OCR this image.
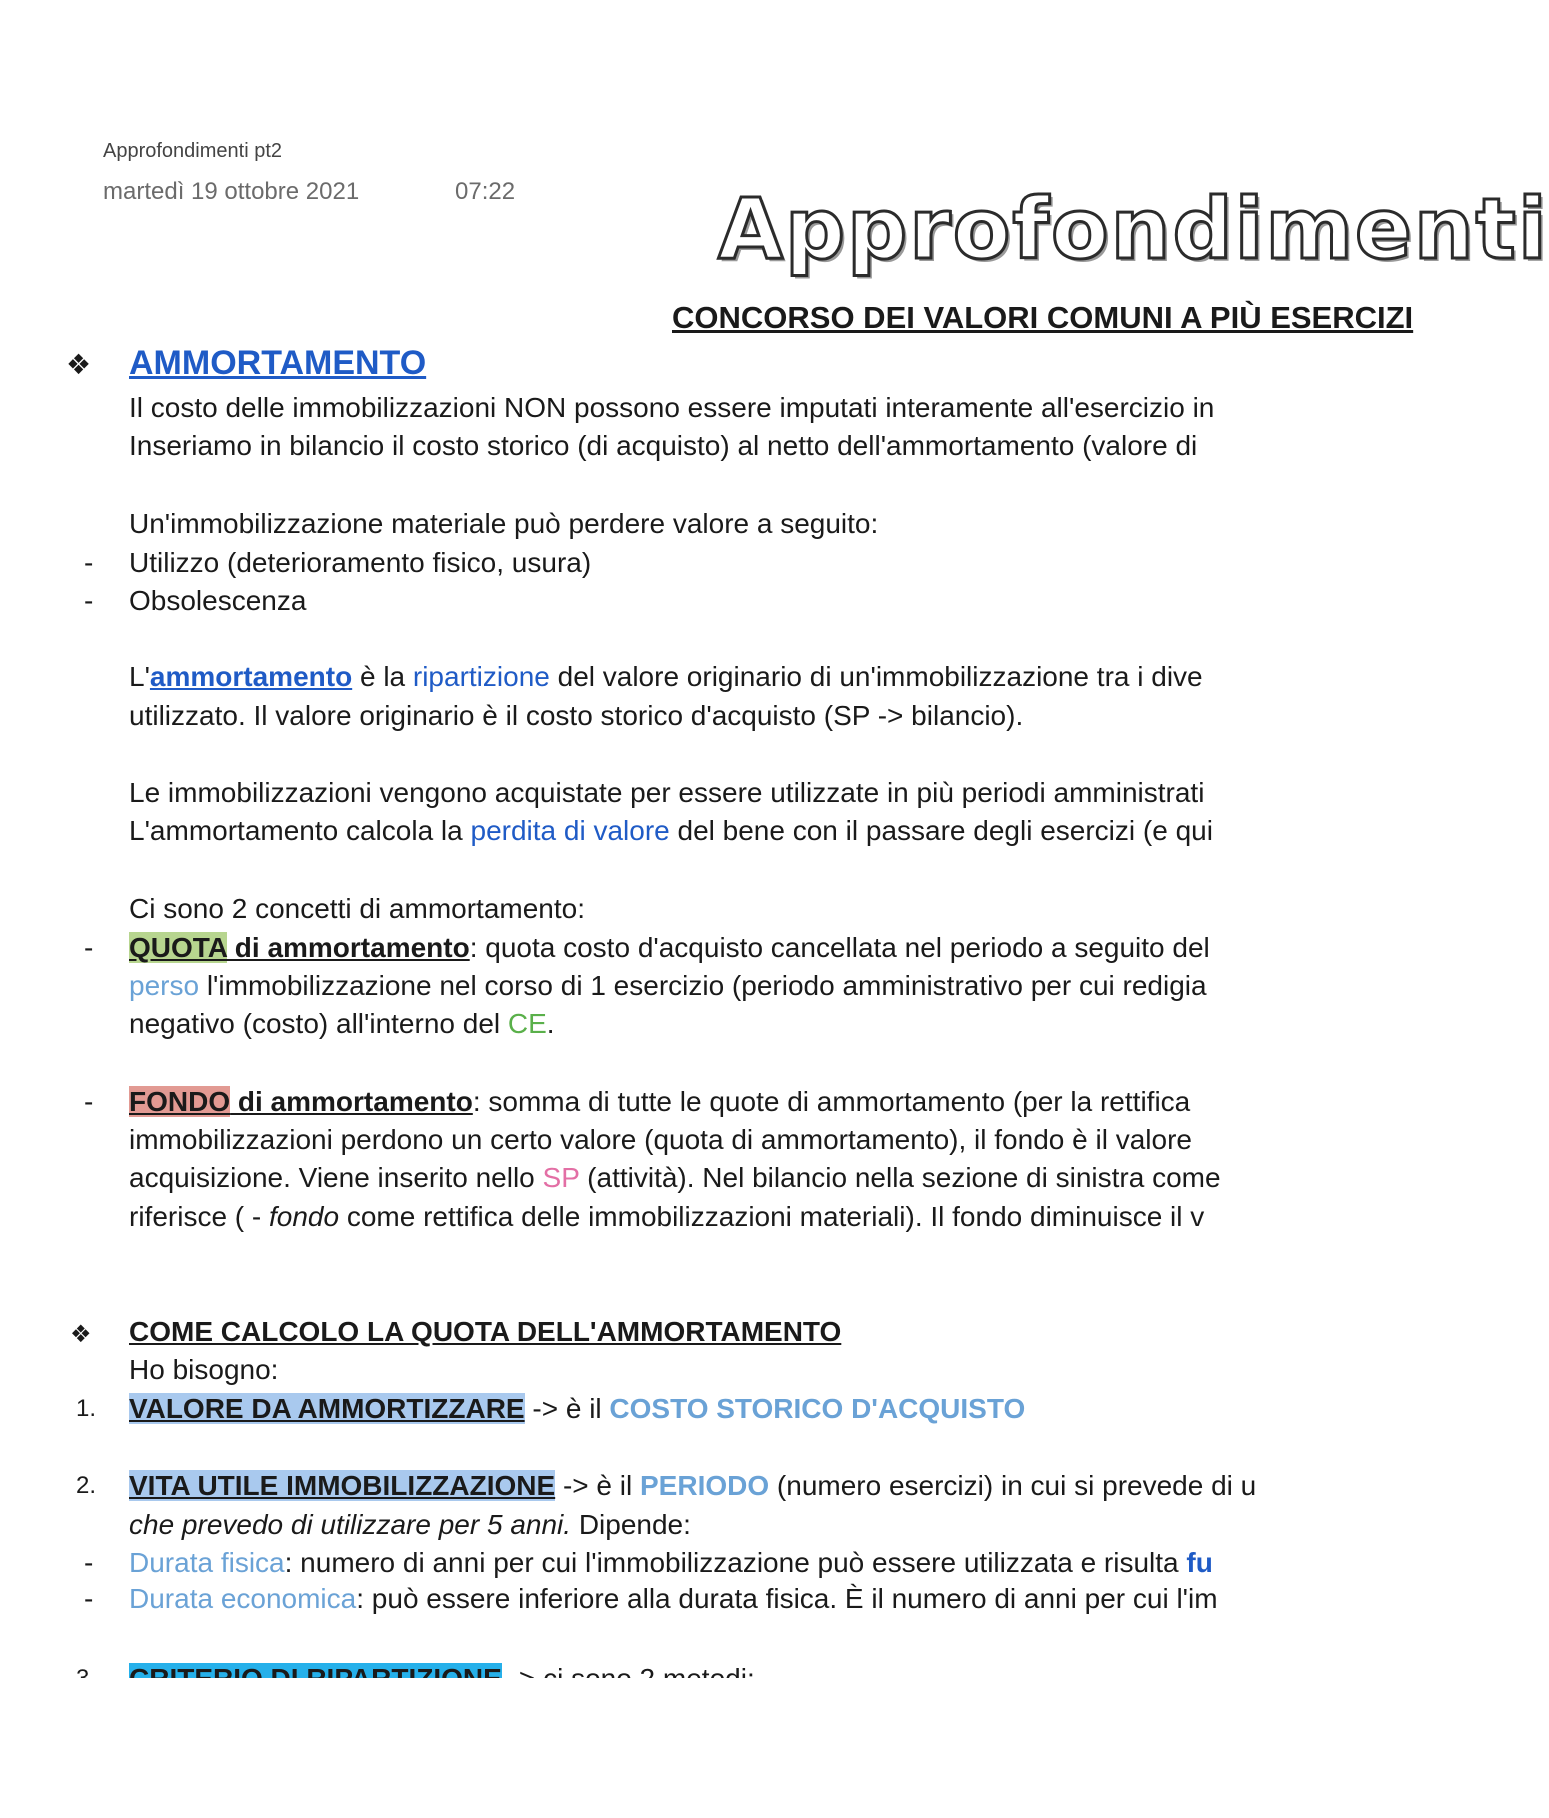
Approfondimenti pt2
martedì 19 ottobre 2021	07:22 Approfondimenti
CONCORSO DEI VALORI COMUNI A PIÙ ESERCIZI
❖ AMMORTAMENTO
Il costo delle immobilizzazioni NON possono essere imputati interamente all'esercizio in
Inseriamo in bilancio il costo storico (di acquisto) al netto dell'ammortamento (valore di
Un'immobilizzazione materiale può perdere valore a seguito:
- Utilizzo (deterioramento fisico, usura)
- Obsolescenza
L'ammortamento è la ripartizione del valore originario di un'immobilizzazione tra i dive
utilizzato. Il valore originario è il costo storico d'acquisto (SP -> bilancio).
Le immobilizzazioni vengono acquistate per essere utilizzate in più periodi amministrati
L'ammortamento calcola la perdita di valore del bene con il passare degli esercizi (e qui
Ci sono 2 concetti di ammortamento:
- QUOTA di ammortamento: quota costo d'acquisto cancellata nel periodo a seguito del
perso l'immobilizzazione nel corso di 1 esercizio (periodo amministrativo per cui redigia
negativo (costo) all'interno del CE.
- FONDO di ammortamento: somma di tutte le quote di ammortamento (per la rettifica
immobilizzazioni perdono un certo valore (quota di ammortamento), il fondo è il valore
acquisizione. Viene inserito nello SP (attività). Nel bilancio nella sezione di sinistra come
riferisce ( - fondo come rettifica delle immobilizzazioni materiali). Il fondo diminuisce il v
❖ COME CALCOLO LA QUOTA DELL'AMMORTAMENTO
Ho bisogno:
1. VALORE DA AMMORTIZZARE -> è il COSTO STORICO D'ACQUISTO
2. VITA UTILE IMMOBILIZZAZIONE -> è il PERIODO (numero esercizi) in cui si prevede di u
che prevedo di utilizzare per 5 anni. Dipende:
- Durata fisica: numero di anni per cui l'immobilizzazione può essere utilizzata e risulta fu
- Durata economica: può essere inferiore alla durata fisica. È il numero di anni per cui l'im
